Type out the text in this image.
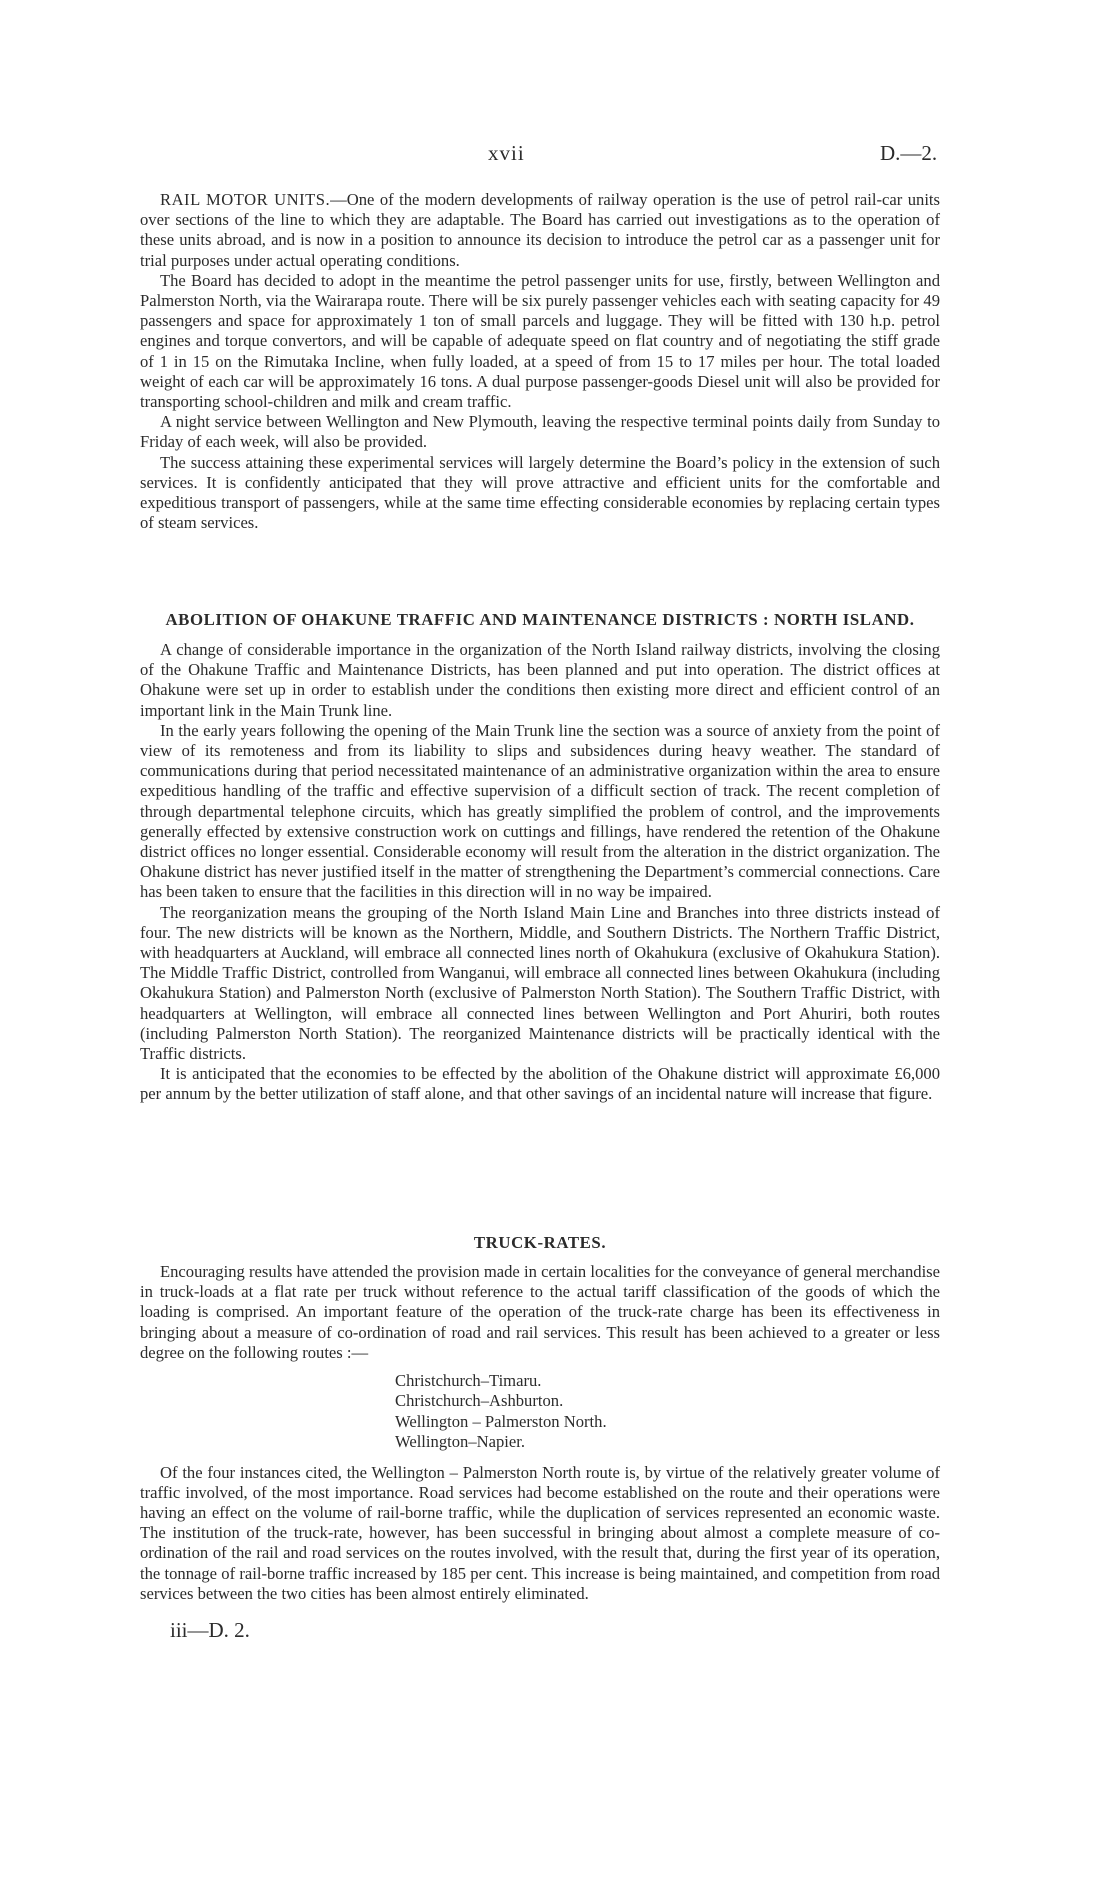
xvii	D.—2.

RAIL MOTOR UNITS.—One of the modern developments of railway operation is the use of petrol rail-car units over sections of the line to which they are adaptable. The Board has carried out investigations as to the operation of these units abroad, and is now in a position to announce its decision to introduce the petrol car as a passenger unit for trial purposes under actual operating conditions.

The Board has decided to adopt in the meantime the petrol passenger units for use, firstly, between Wellington and Palmerston North, via the Wairarapa route. There will be six purely passenger vehicles each with seating capacity for 49 passengers and space for approximately 1 ton of small parcels and luggage. They will be fitted with 130 h.p. petrol engines and torque convertors, and will be capable of adequate speed on flat country and of negotiating the stiff grade of 1 in 15 on the Rimutaka Incline, when fully loaded, at a speed of from 15 to 17 miles per hour. The total loaded weight of each car will be approximately 16 tons. A dual purpose passenger-goods Diesel unit will also be provided for transporting school-children and milk and cream traffic.

A night service between Wellington and New Plymouth, leaving the respective terminal points daily from Sunday to Friday of each week, will also be provided.

The success attaining these experimental services will largely determine the Board’s policy in the extension of such services. It is confidently anticipated that they will prove attractive and efficient units for the comfortable and expeditious transport of passengers, while at the same time effecting considerable economies by replacing certain types of steam services.

ABOLITION OF OHAKUNE TRAFFIC AND MAINTENANCE DISTRICTS : NORTH ISLAND.

A change of considerable importance in the organization of the North Island railway districts, involving the closing of the Ohakune Traffic and Maintenance Districts, has been planned and put into operation. The district offices at Ohakune were set up in order to establish under the conditions then existing more direct and efficient control of an important link in the Main Trunk line.

In the early years following the opening of the Main Trunk line the section was a source of anxiety from the point of view of its remoteness and from its liability to slips and subsidences during heavy weather. The standard of communications during that period necessitated maintenance of an administrative organization within the area to ensure expeditious handling of the traffic and effective supervision of a difficult section of track. The recent completion of through departmental telephone circuits, which has greatly simplified the problem of control, and the improvements generally effected by extensive construction work on cuttings and fillings, have rendered the retention of the Ohakune district offices no longer essential. Considerable economy will result from the alteration in the district organization. The Ohakune district has never justified itself in the matter of strengthening the Department’s commercial connections. Care has been taken to ensure that the facilities in this direction will in no way be impaired.

The reorganization means the grouping of the North Island Main Line and Branches into three districts instead of four. The new districts will be known as the Northern, Middle, and Southern Districts. The Northern Traffic District, with headquarters at Auckland, will embrace all connected lines north of Okahukura (exclusive of Okahukura Station). The Middle Traffic District, controlled from Wanganui, will embrace all connected lines between Okahukura (including Okahukura Station) and Palmerston North (exclusive of Palmerston North Station). The Southern Traffic District, with headquarters at Wellington, will embrace all connected lines between Wellington and Port Ahuriri, both routes (including Palmerston North Station). The reorganized Maintenance districts will be practically identical with the Traffic districts.

It is anticipated that the economies to be effected by the abolition of the Ohakune district will approximate £6,000 per annum by the better utilization of staff alone, and that other savings of an incidental nature will increase that figure.

TRUCK-RATES.

Encouraging results have attended the provision made in certain localities for the conveyance of general merchandise in truck-loads at a flat rate per truck without reference to the actual tariff classification of the goods of which the loading is comprised. An important feature of the operation of the truck-rate charge has been its effectiveness in bringing about a measure of co-ordination of road and rail services. This result has been achieved to a greater or less degree on the following routes :—

Christchurch–Timaru.
Christchurch–Ashburton.
Wellington – Palmerston North.
Wellington–Napier.

Of the four instances cited, the Wellington – Palmerston North route is, by virtue of the relatively greater volume of traffic involved, of the most importance. Road services had become established on the route and their operations were having an effect on the volume of rail-borne traffic, while the duplication of services represented an economic waste. The institution of the truck-rate, however, has been successful in bringing about almost a complete measure of co-ordination of the rail and road services on the routes involved, with the result that, during the first year of its operation, the tonnage of rail-borne traffic increased by 185 per cent. This increase is being maintained, and competition from road services between the two cities has been almost entirely eliminated.

iii—D. 2.
